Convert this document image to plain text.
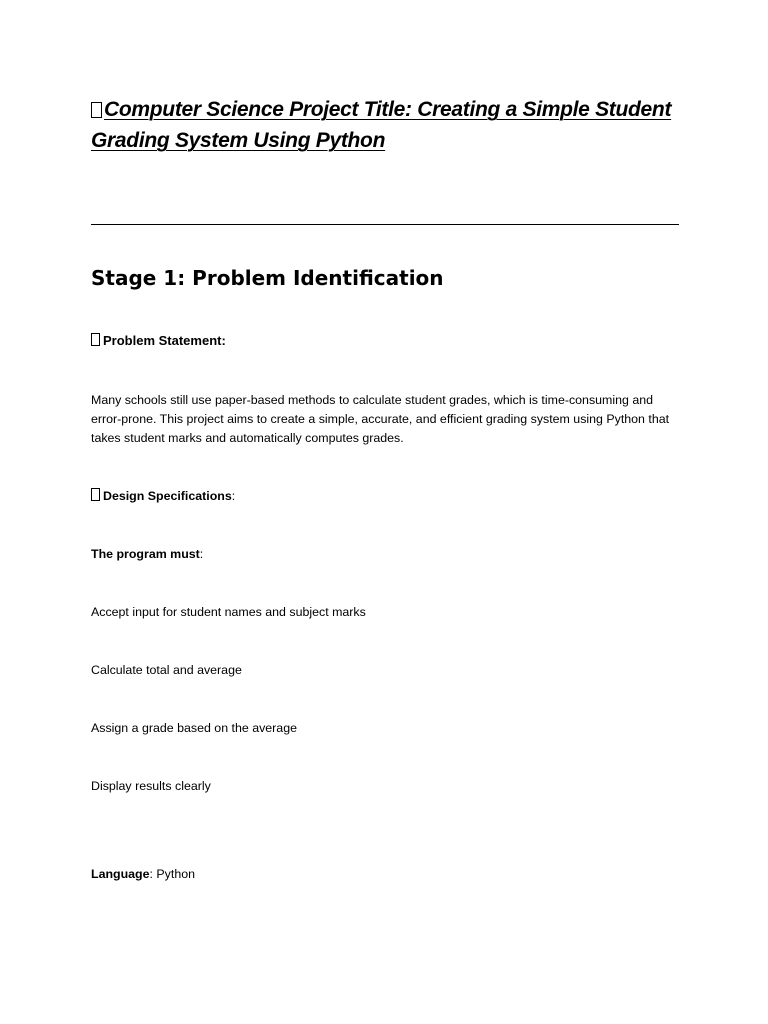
Computer Science Project Title: Creating a Simple Student Grading System Using Python
Stage 1: Problem Identification
Problem Statement:

Many schools still use paper-based methods to calculate student grades, which is time-consuming and error-prone. This project aims to create a simple, accurate, and efficient grading system using Python that takes student marks and automatically computes grades.

Design Specifications:
The program must:
Accept input for student names and subject marks
Calculate total and average
Assign a grade based on the average
Display results clearly
Language: Python
